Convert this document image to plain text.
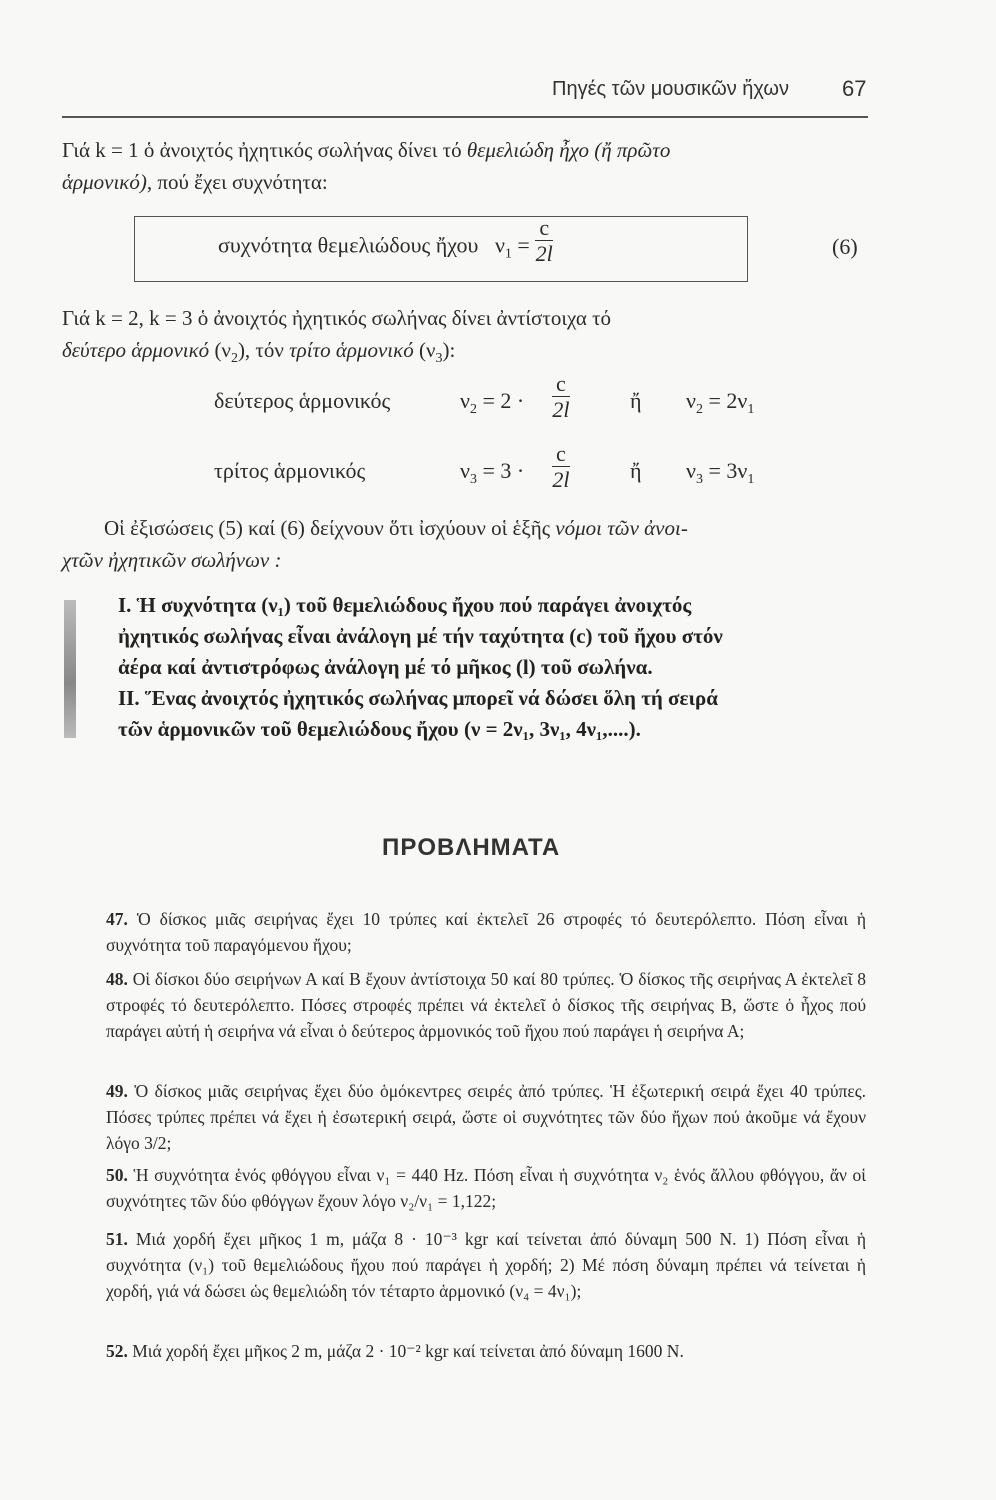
Πηγές τῶν μουσικῶν ἤχων 67
Γιά k = 1 ὁ ἀνοιχτός ἠχητικός σωλήνας δίνει τό θεμελιώδη ἦχο (ἤ πρῶτο
ἁρμονικό), πού ἔχει συχνότητα:
συχνότητα θεμελιώδους ἤχου $\nu_1 = \frac{c}{2l}$	(6)
Γιά k = 2, k = 3 ὁ ἀνοιχτός ἠχητικός σωλήνας δίνει ἀντίστοιχα τό
δεύτερο ἁρμονικό $(\nu_2)$, τόν τρίτο ἁρμονικό $(\nu_3)$:
δεύτερος ἁρμονικός	$\nu_2 = 2 \cdot \frac{c}{2l}$	ἤ $\nu_2 = 2\nu_1$
τρίτος ἁρμονικός	$\nu_3 = 3 \cdot \frac{c}{2l}$	ἤ $\nu_3 = 3\nu_1$
Οἱ ἐξισώσεις (5) καί (6) δείχνουν ὅτι ἰσχύουν οἱ ἑξῆς νόμοι τῶν ἀνοι-
χτῶν ἠχητικῶν σωλήνων :
I. Ἡ συχνότητα (ν₁) τοῦ θεμελιώδους ἤχου πού παράγει ἀνοιχτός
ἠχητικός σωλήνας εἶναι ἀνάλογη μέ τήν ταχύτητα (c) τοῦ ἤχου στόν
ἀέρα καί ἀντιστρόφως ἀνάλογη μέ τό μῆκος (l) τοῦ σωλήνα.
II. Ἕνας ἀνοιχτός ἠχητικός σωλήνας μπορεῖ νά δώσει ὅλη τή σειρά
τῶν ἁρμονικῶν τοῦ θεμελιώδους ἤχου (ν = 2ν₁, 3ν₁, 4ν₁,....).
ΠΡΟΒΛΗΜΑΤΑ
47. Ὁ δίσκος μιᾶς σειρήνας ἔχει 10 τρύπες καί ἐκτελεῖ 26 στροφές τό δευτερόλεπτο. Πόση εἶναι ἡ συχνότητα τοῦ παραγόμενου ἤχου;
48. Οἱ δίσκοι δύο σειρήνων Α καί Β ἔχουν ἀντίστοιχα 50 καί 80 τρύπες. Ὁ δίσκος τῆς σειρήνας Α ἐκτελεῖ 8 στροφές τό δευτερόλεπτο. Πόσες στροφές πρέπει νά ἐκτελεῖ ὁ δίσκος τῆς σειρήνας Β, ὥστε ὁ ἦχος πού παράγει αὐτή ἡ σειρήνα νά εἶναι ὁ δεύτερος ἁρμονικός τοῦ ἤχου πού παράγει ἡ σειρήνα Α;
49. Ὁ δίσκος μιᾶς σειρήνας ἔχει δύο ὁμόκεντρες σειρές ἀπό τρύπες. Ἡ ἐξωτερική σειρά ἔχει 40 τρύπες. Πόσες τρύπες πρέπει νά ἔχει ἡ ἐσωτερική σειρά, ὥστε οἱ συχνότητες τῶν δύο ἤχων πού ἀκοῦμε νά ἔχουν λόγο 3/2;
50. Ἡ συχνότητα ἑνός φθόγγου εἶναι ν₁ = 440 Hz. Πόση εἶναι ἡ συχνότητα ν₂ ἑνός ἄλλου φθόγγου, ἄν οἱ συχνότητες τῶν δύο φθόγγων ἔχουν λόγο ν₂/ν₁ = 1,122;
51. Μιά χορδή ἔχει μῆκος 1 m, μάζα 8 · 10⁻³ kgr καί τείνεται ἀπό δύναμη 500 N. 1) Πόση εἶναι ἡ συχνότητα (ν₁) τοῦ θεμελιώδους ἤχου πού παράγει ἡ χορδή; 2) Μέ πόση δύναμη πρέπει νά τείνεται ἡ χορδή, γιά νά δώσει ὡς θεμελιώδη τόν τέταρτο ἁρμονικό (ν₄ = 4ν₁);
52. Μιά χορδή ἔχει μῆκος 2 m, μάζα 2 · 10⁻² kgr καί τείνεται ἀπό δύναμη 1600 N.
